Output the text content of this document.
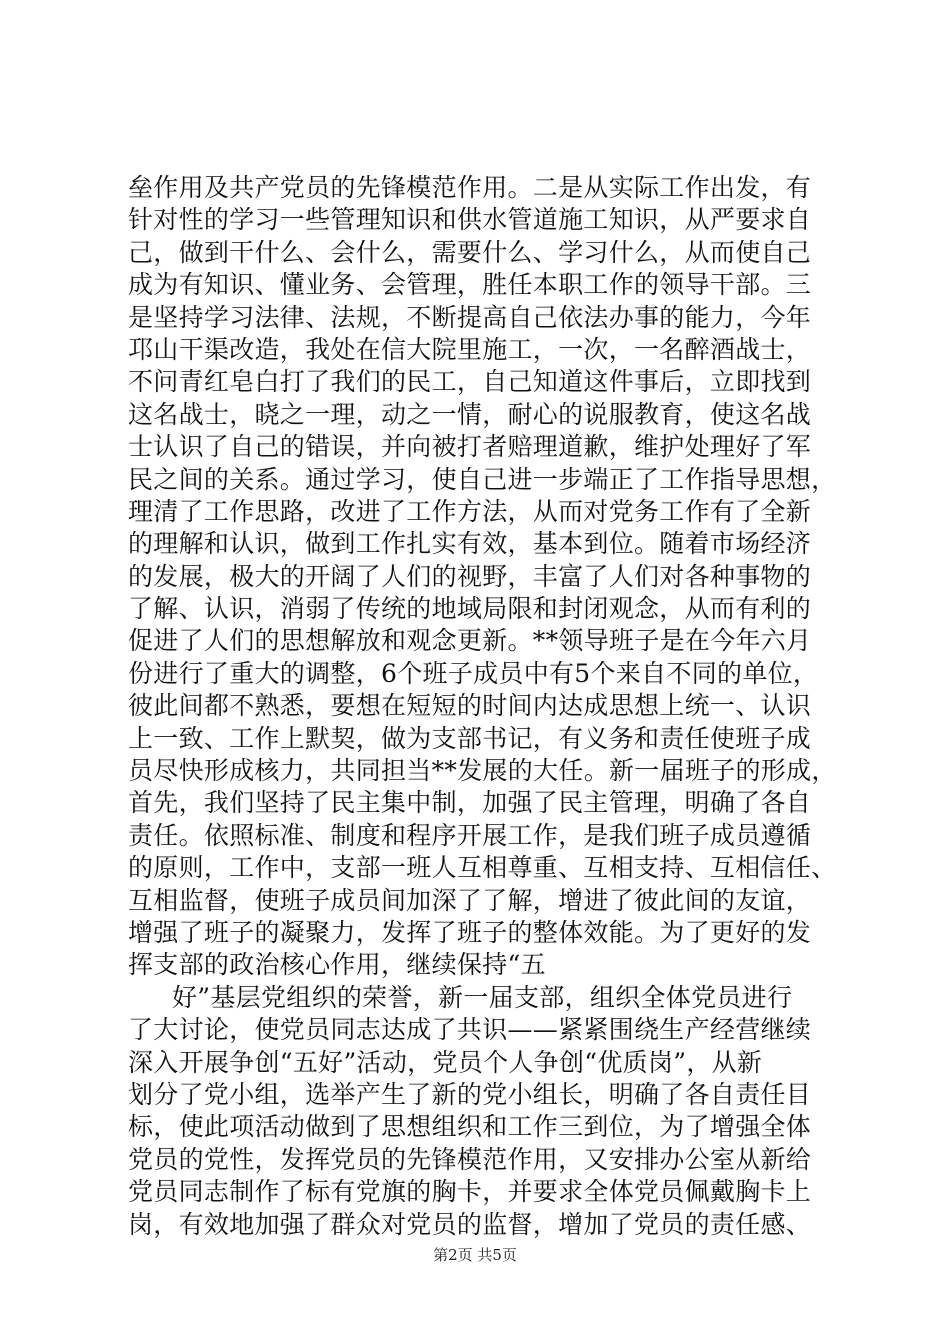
垒作用及共产党员的先锋模范作用。二是从实际工作出发，有
针对性的学习一些管理知识和供水管道施工知识，从严要求自
己，做到干什么、会什么，需要什么、学习什么，从而使自己
成为有知识、懂业务、会管理，胜任本职工作的领导干部。三
是坚持学习法律、法规，不断提高自己依法办事的能力，今年
邛山干渠改造，我处在信大院里施工，一次，一名醉酒战士，
不问青红皂白打了我们的民工，自己知道这件事后，立即找到
这名战士，晓之一理，动之一情，耐心的说服教育，使这名战
士认识了自己的错误，并向被打者赔理道歉，维护处理好了军
民之间的关系。通过学习，使自己进一步端正了工作指导思想，
理清了工作思路，改进了工作方法，从而对党务工作有了全新
的理解和认识，做到工作扎实有效，基本到位。随着市场经济
的发展，极大的开阔了人们的视野，丰富了人们对各种事物的
了解、认识，消弱了传统的地域局限和封闭观念，从而有利的
促进了人们的思想解放和观念更新。**领导班子是在今年六月
份进行了重大的调整，6个班子成员中有5个来自不同的单位，
彼此间都不熟悉，要想在短短的时间内达成思想上统一、认识
上一致、工作上默契，做为支部书记，有义务和责任使班子成
员尽快形成核力，共同担当**发展的大任。新一届班子的形成，
首先，我们坚持了民主集中制，加强了民主管理，明确了各自
责任。依照标准、制度和程序开展工作，是我们班子成员遵循
的原则，工作中，支部一班人互相尊重、互相支持、互相信任、
互相监督，使班子成员间加深了了解，增进了彼此间的友谊，
增强了班子的凝聚力，发挥了班子的整体效能。为了更好的发
挥支部的政治核心作用，继续保持“五
好”基层党组织的荣誉，新一届支部，组织全体党员进行
了大讨论，使党员同志达成了共识——紧紧围绕生产经营继续
深入开展争创“五好”活动，党员个人争创“优质岗”，从新
划分了党小组，选举产生了新的党小组长，明确了各自责任目
标，使此项活动做到了思想组织和工作三到位，为了增强全体
党员的党性，发挥党员的先锋模范作用，又安排办公室从新给
党员同志制作了标有党旗的胸卡，并要求全体党员佩戴胸卡上
岗，有效地加强了群众对党员的监督，增加了党员的责任感、
第2页 共5页
